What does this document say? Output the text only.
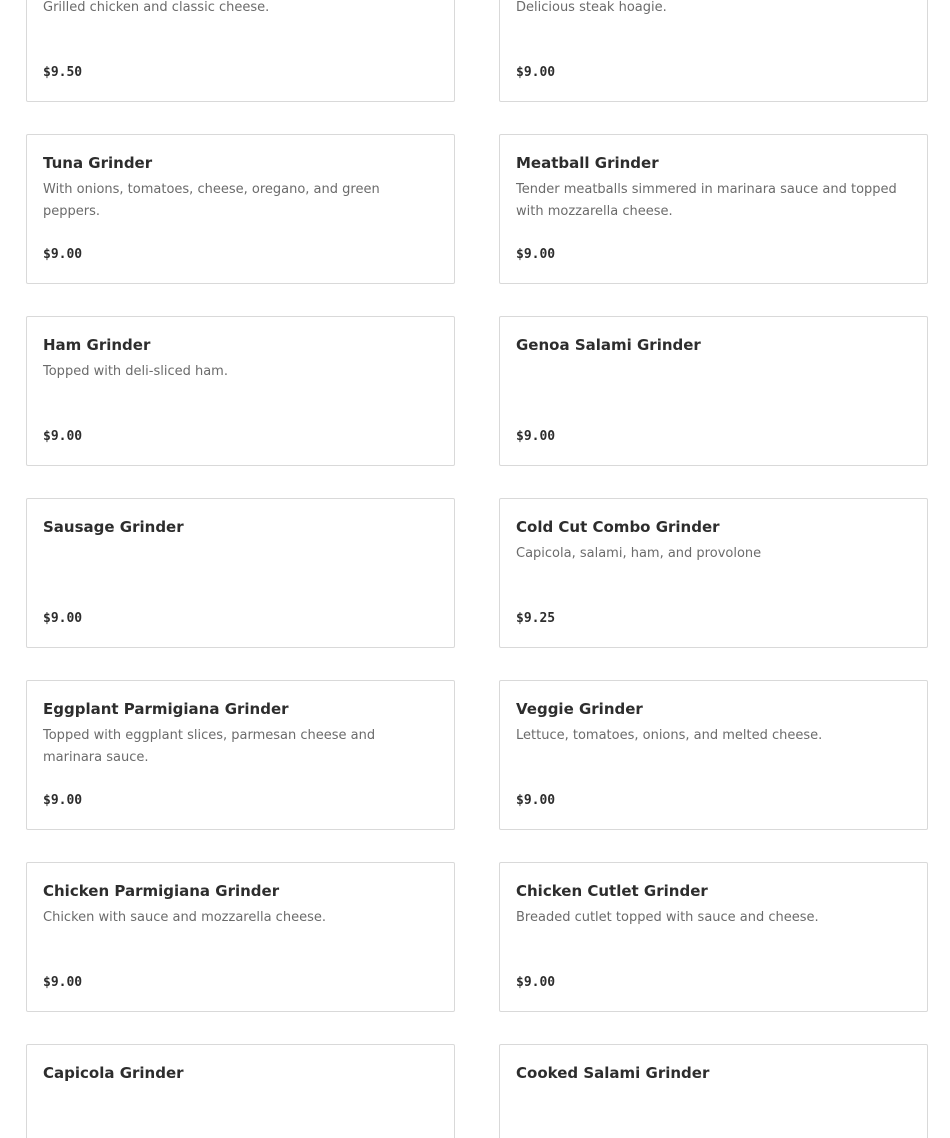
Grilled chicken and classic cheese.
$9.50
Delicious steak hoagie.
$9.00
Tuna Grinder
With onions, tomatoes, cheese, oregano, and green peppers.
$9.00
Meatball Grinder
Tender meatballs simmered in marinara sauce and topped with mozzarella cheese.
$9.00
Ham Grinder
Topped with deli-sliced ham.
$9.00
Genoa Salami Grinder
$9.00
Sausage Grinder
$9.00
Cold Cut Combo Grinder
Capicola, salami, ham, and provolone
$9.25
Eggplant Parmigiana Grinder
Topped with eggplant slices, parmesan cheese and marinara sauce.
$9.00
Veggie Grinder
Lettuce, tomatoes, onions, and melted cheese.
$9.00
Chicken Parmigiana Grinder
Chicken with sauce and mozzarella cheese.
$9.00
Chicken Cutlet Grinder
Breaded cutlet topped with sauce and cheese.
$9.00
Capicola Grinder	Cooked Salami Grinder
